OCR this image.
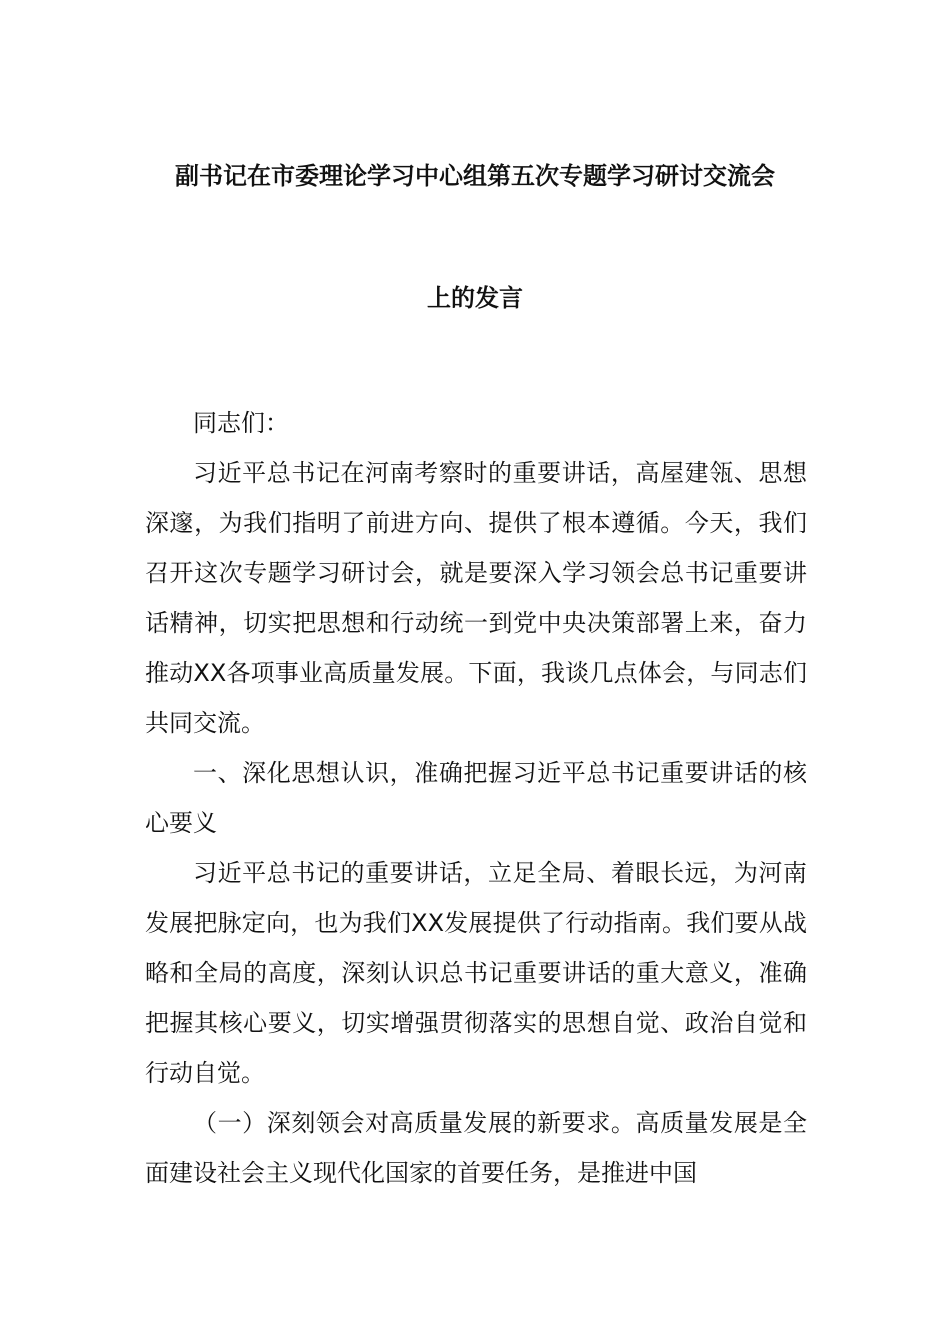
副书记在市委理论学习中心组第五次专题学习研讨交流会
上的发言

同志们：

习近平总书记在河南考察时的重要讲话，高屋建瓴、思想深邃，为我们指明了前进方向、提供了根本遵循。今天，我们召开这次专题学习研讨会，就是要深入学习领会总书记重要讲话精神，切实把思想和行动统一到党中央决策部署上来，奋力推动XX各项事业高质量发展。下面，我谈几点体会，与同志们共同交流。

一、深化思想认识，准确把握习近平总书记重要讲话的核心要义

习近平总书记的重要讲话，立足全局、着眼长远，为河南发展把脉定向，也为我们XX发展提供了行动指南。我们要从战略和全局的高度，深刻认识总书记重要讲话的重大意义，准确把握其核心要义，切实增强贯彻落实的思想自觉、政治自觉和行动自觉。

（一）深刻领会对高质量发展的新要求。高质量发展是全面建设社会主义现代化国家的首要任务，是推进中国
